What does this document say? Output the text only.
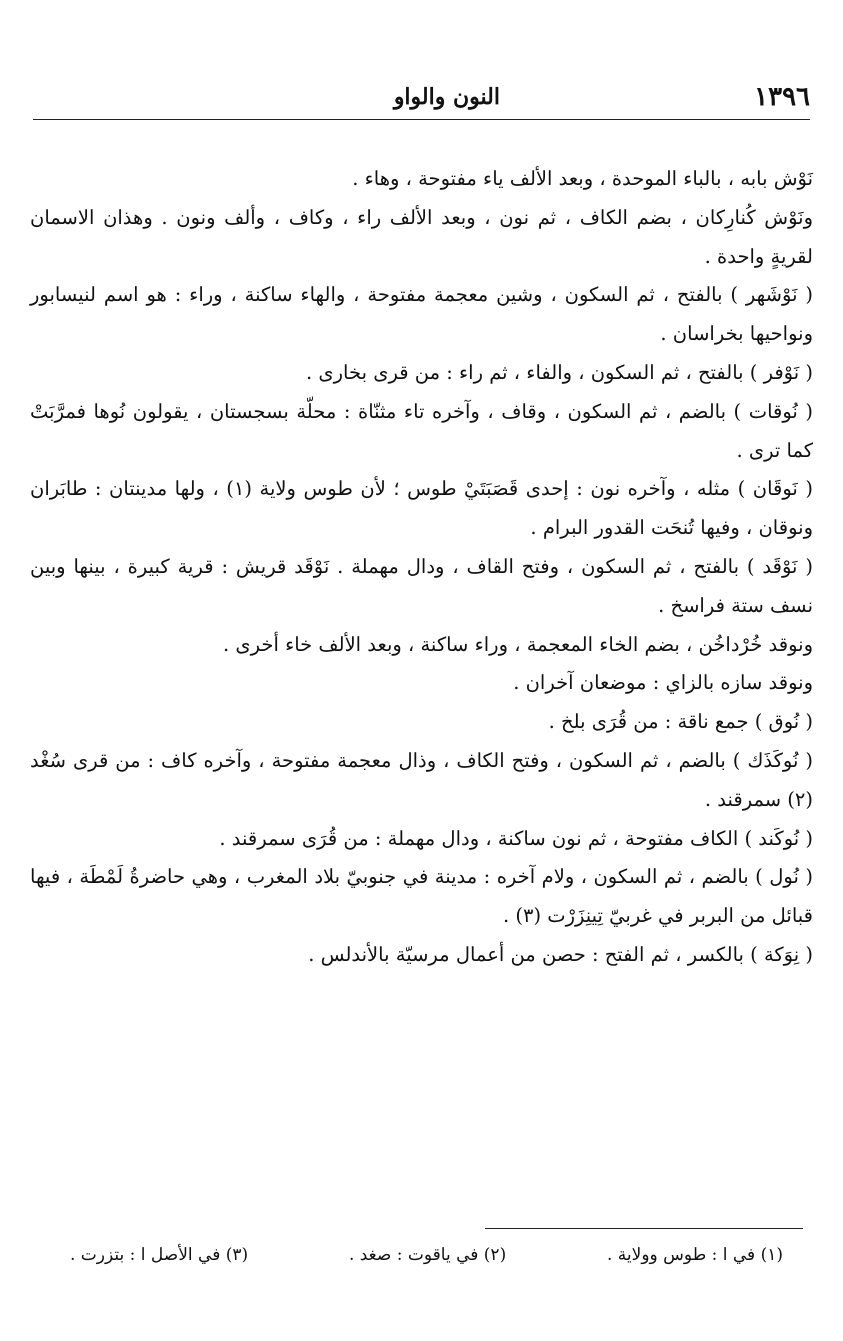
١٣٩٦
النون والواو

نَوْش بابه ، بالباء الموحدة ، وبعد الألف ياء مفتوحة ، وهاء .

ونَوْش كُنارِكان ، بضم الكاف ، ثم نون ، وبعد الألف راء ، وكاف ، وألف ونون . وهذان الاسمان لقريةٍ واحدة .

( نَوْشَهر ) بالفتح ، ثم السكون ، وشين معجمة مفتوحة ، والهاء ساكنة ، وراء : هو اسم لنيسابور ونواحيها بخراسان .

( نَوْفر ) بالفتح ، ثم السكون ، والفاء ، ثم راء : من قرى بخارى .

( نُوقات ) بالضم ، ثم السكون ، وقاف ، وآخره تاء مثنّاة : محلّة بسجستان ، يقولون نُوها فمرَّبَتْ كما ترى .

( نَوقَان ) مثله ، وآخره نون : إحدى قَصَبَتَيْ طوس ؛ لأن طوس ولاية (١) ، ولها مدينتان : طابَران ونوقان ، وفيها تُنحَت القدور البرام .

( نَوْقَد ) بالفتح ، ثم السكون ، وفتح القاف ، ودال مهملة . نَوْقَد قريش : قرية كبيرة ، بينها وبين نسف ستة فراسخ .

ونوقد خُرْداخُن ، بضم الخاء المعجمة ، وراء ساكنة ، وبعد الألف خاء أخرى .

ونوقد سازه بالزاي : موضعان آخران .

( نُوق ) جمع ناقة : من قُرَى بلخ .

( نُوكَذَك ) بالضم ، ثم السكون ، وفتح الكاف ، وذال معجمة مفتوحة ، وآخره كاف : من قرى سُغْد (٢) سمرقند .

( نُوكَند ) الكاف مفتوحة ، ثم نون ساكنة ، ودال مهملة : من قُرَى سمرقند .

( نُول ) بالضم ، ثم السكون ، ولام آخره : مدينة في جنوبيّ بلاد المغرب ، وهي حاضرةُ لَمْطَة ، فيها قبائل من البربر في غربيّ تِينِزَرْت (٣) .

( نِوَكة ) بالكسر ، ثم الفتح : حصن من أعمال مرسيّة بالأندلس .

(١) في ا : طوس وولاية .
(٢) في ياقوت : صغد .
(٣) في الأصل ا : بتزرت .
